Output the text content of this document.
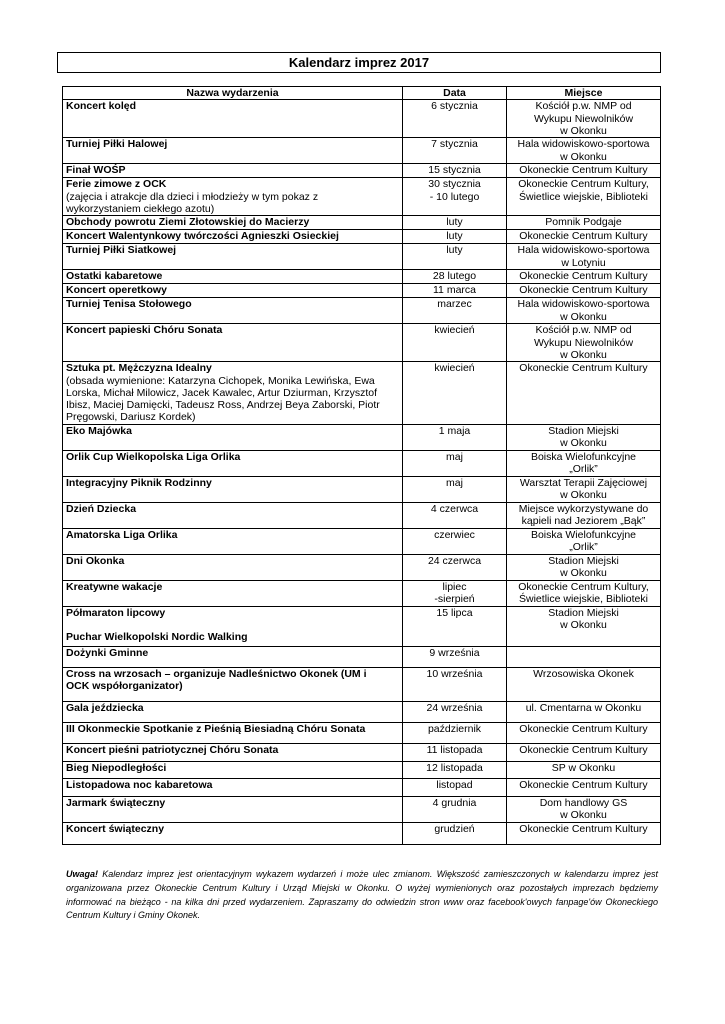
Kalendarz imprez 2017
Nazwa wydarzenia	Data	Miejsce

Koncert kolęd	6 stycznia	Kościół p.w. NMP od
Wykupu Niewolników
w Okonku

Turniej Piłki Halowej	7 stycznia	Hala widowiskowo-sportowa
w Okonku

Finał WOŚP	15 stycznia	Okoneckie Centrum Kultury

Ferie zimowe z OCK
(zajęcia i atrakcje dla dzieci i młodzieży w tym pokaz z
wykorzystaniem ciekłego azotu)	30 stycznia
- 10 lutego	Okoneckie Centrum Kultury,
Świetlice wiejskie, Biblioteki

Obchody powrotu Ziemi Złotowskiej do Macierzy	luty	Pomnik Podgaje

Koncert Walentynkowy twórczości Agnieszki Osieckiej	luty	Okoneckie Centrum Kultury

Turniej Piłki Siatkowej	luty	Hala widowiskowo-sportowa
w Lotyniu

Ostatki kabaretowe	28 lutego	Okoneckie Centrum Kultury

Koncert operetkowy	11 marca	Okoneckie Centrum Kultury

Turniej Tenisa Stołowego	marzec	Hala widowiskowo-sportowa
w Okonku

Koncert papieski Chóru Sonata	kwiecień	Kościół p.w. NMP od
Wykupu Niewolników
w Okonku

Sztuka pt. Mężczyzna Idealny
(obsada wymienione: Katarzyna Cichopek, Monika Lewińska, Ewa
Lorska, Michał Milowicz, Jacek Kawalec, Artur Dziurman, Krzysztof
Ibisz, Maciej Damięcki, Tadeusz Ross, Andrzej Beya Zaborski, Piotr
Pręgowski, Dariusz Kordek)	kwiecień	Okoneckie Centrum Kultury

Eko Majówka	1 maja	Stadion Miejski
w Okonku

Orlik Cup Wielkopolska Liga Orlika	maj	Boiska Wielofunkcyjne
„Orlik”

Integracyjny Piknik Rodzinny	maj	Warsztat Terapii Zajęciowej
w Okonku

Dzień Dziecka	4 czerwca	Miejsce wykorzystywane do
kąpieli nad Jeziorem „Bąk”

Amatorska Liga Orlika	czerwiec	Boiska Wielofunkcyjne
„Orlik”

Dni Okonka	24 czerwca	Stadion Miejski
w Okonku

Kreatywne wakacje	lipiec
-sierpień	Okoneckie Centrum Kultury,
Świetlice wiejskie, Biblioteki

Półmaraton lipcowy
Puchar Wielkopolski Nordic Walking	15 lipca	Stadion Miejski
w Okonku

Dożynki Gminne	9 września	

Cross na wrzosach – organizuje Nadleśnictwo Okonek (UM i
OCK współorganizator)	10 września	Wrzosowiska Okonek

Gala jeździecka	24 września	ul. Cmentarna w Okonku

III Okonmeckie Spotkanie z Pieśnią Biesiadną Chóru Sonata	październik	Okoneckie Centrum Kultury

Koncert pieśni patriotycznej Chóru Sonata	11 listopada	Okoneckie Centrum Kultury

Bieg Niepodległości	12 listopada	SP w Okonku

Listopadowa noc kabaretowa	listopad	Okoneckie Centrum Kultury

Jarmark świąteczny	4 grudnia	Dom handlowy GS
w Okonku

Koncert świąteczny	grudzień	Okoneckie Centrum Kultury
Uwaga! Kalendarz imprez jest orientacyjnym wykazem wydarzeń i może ulec zmianom. Większość zamieszczonych w kalendarzu imprez jest organizowana przez Okoneckie Centrum Kultury i Urząd Miejski w Okonku. O wyżej wymienionych oraz pozostałych imprezach będziemy informować na bieżąco - na kilka dni przed wydarzeniem. Zapraszamy do odwiedzin stron www oraz facebook'owych fanpage'ów Okoneckiego Centrum Kultury i Gminy Okonek.
